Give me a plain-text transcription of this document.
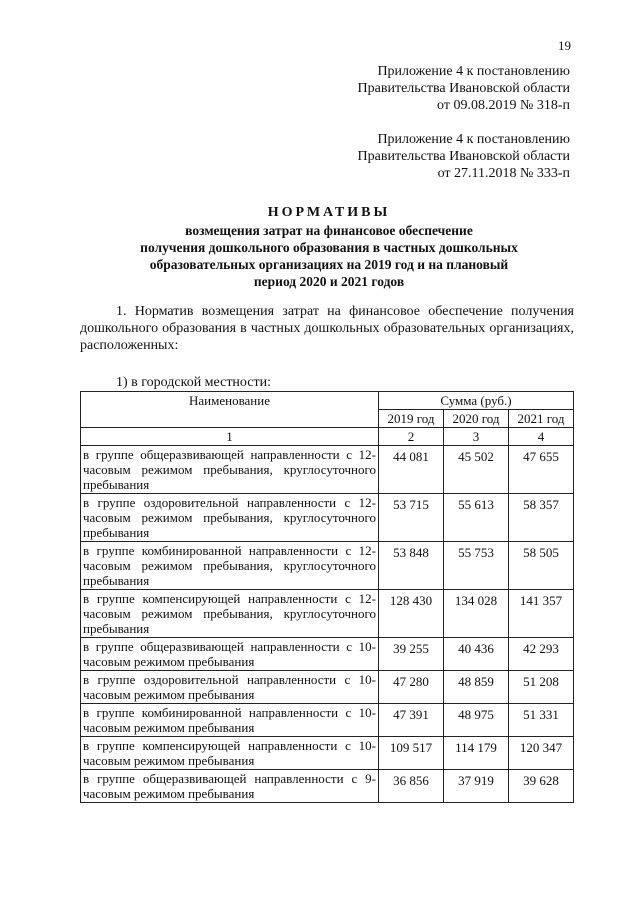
19
Приложение 4 к постановлению
Правительства Ивановской области
от 09.08.2019 № 318-п
Приложение 4 к постановлению
Правительства Ивановской области
от 27.11.2018 № 333-п
НОРМАТИВЫ
возмещения затрат на финансовое обеспечение
получения дошкольного образования в частных дошкольных
образовательных организациях на 2019 год и на плановый
период 2020 и 2021 годов
1. Норматив возмещения затрат на финансовое обеспечение получения дошкольного образования в частных дошкольных образовательных организациях, расположенных:
1) в городской местности:
Наименование	Сумма (руб.)		
	2019 год	2020 год	2021 год
1	2	3	4
в группе общеразвивающей направленности с 12-часовым режимом пребывания, круглосуточного пребывания	44 081	45 502	47 655
в группе оздоровительной направленности с 12-часовым режимом пребывания, круглосуточного пребывания	53 715	55 613	58 357
в группе комбинированной направленности с 12-часовым режимом пребывания, круглосуточного пребывания	53 848	55 753	58 505
в группе компенсирующей направленности с 12-часовым режимом пребывания, круглосуточного пребывания	128 430	134 028	141 357
в группе общеразвивающей направленности с 10-часовым режимом пребывания	39 255	40 436	42 293
в группе оздоровительной направленности с 10-часовым режимом пребывания	47 280	48 859	51 208
в группе комбинированной направленности с 10-часовым режимом пребывания	47 391	48 975	51 331
в группе компенсирующей направленности с 10-часовым режимом пребывания	109 517	114 179	120 347
в группе общеразвивающей направленности с 9-часовым режимом пребывания	36 856	37 919	39 628
